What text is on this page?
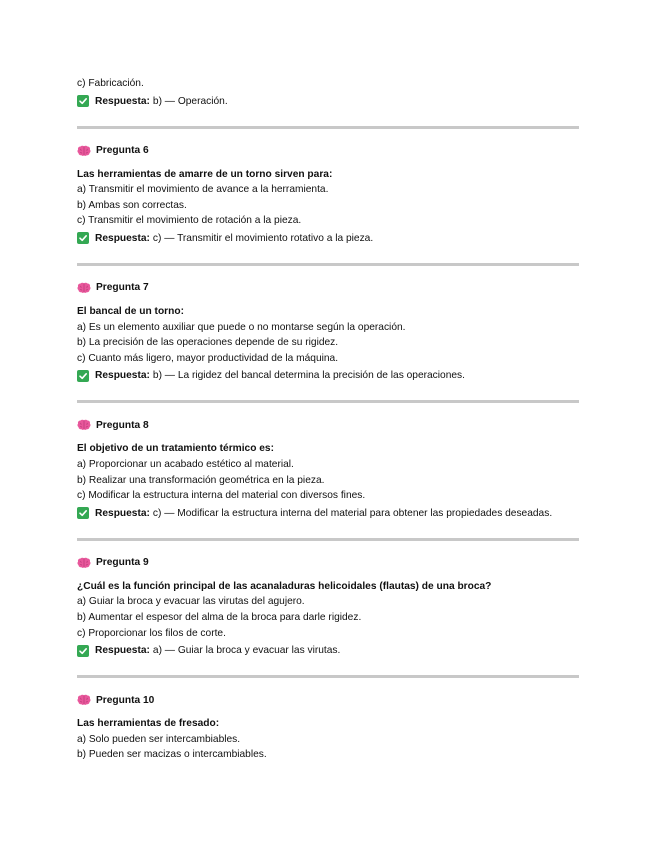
c) Fabricación.
Respuesta: b) — Operación.
Pregunta 6
Las herramientas de amarre de un torno sirven para:
a) Transmitir el movimiento de avance a la herramienta.
b) Ambas son correctas.
c) Transmitir el movimiento de rotación a la pieza.
Respuesta: c) — Transmitir el movimiento rotativo a la pieza.
Pregunta 7
El bancal de un torno:
a) Es un elemento auxiliar que puede o no montarse según la operación.
b) La precisión de las operaciones depende de su rigidez.
c) Cuanto más ligero, mayor productividad de la máquina.
Respuesta: b) — La rigidez del bancal determina la precisión de las operaciones.
Pregunta 8
El objetivo de un tratamiento térmico es:
a) Proporcionar un acabado estético al material.
b) Realizar una transformación geométrica en la pieza.
c) Modificar la estructura interna del material con diversos fines.
Respuesta: c) — Modificar la estructura interna del material para obtener las propiedades deseadas.
Pregunta 9
¿Cuál es la función principal de las acanaladuras helicoidales (flautas) de una broca?
a) Guiar la broca y evacuar las virutas del agujero.
b) Aumentar el espesor del alma de la broca para darle rigidez.
c) Proporcionar los filos de corte.
Respuesta: a) — Guiar la broca y evacuar las virutas.
Pregunta 10
Las herramientas de fresado:
a) Solo pueden ser intercambiables.
b) Pueden ser macizas o intercambiables.
